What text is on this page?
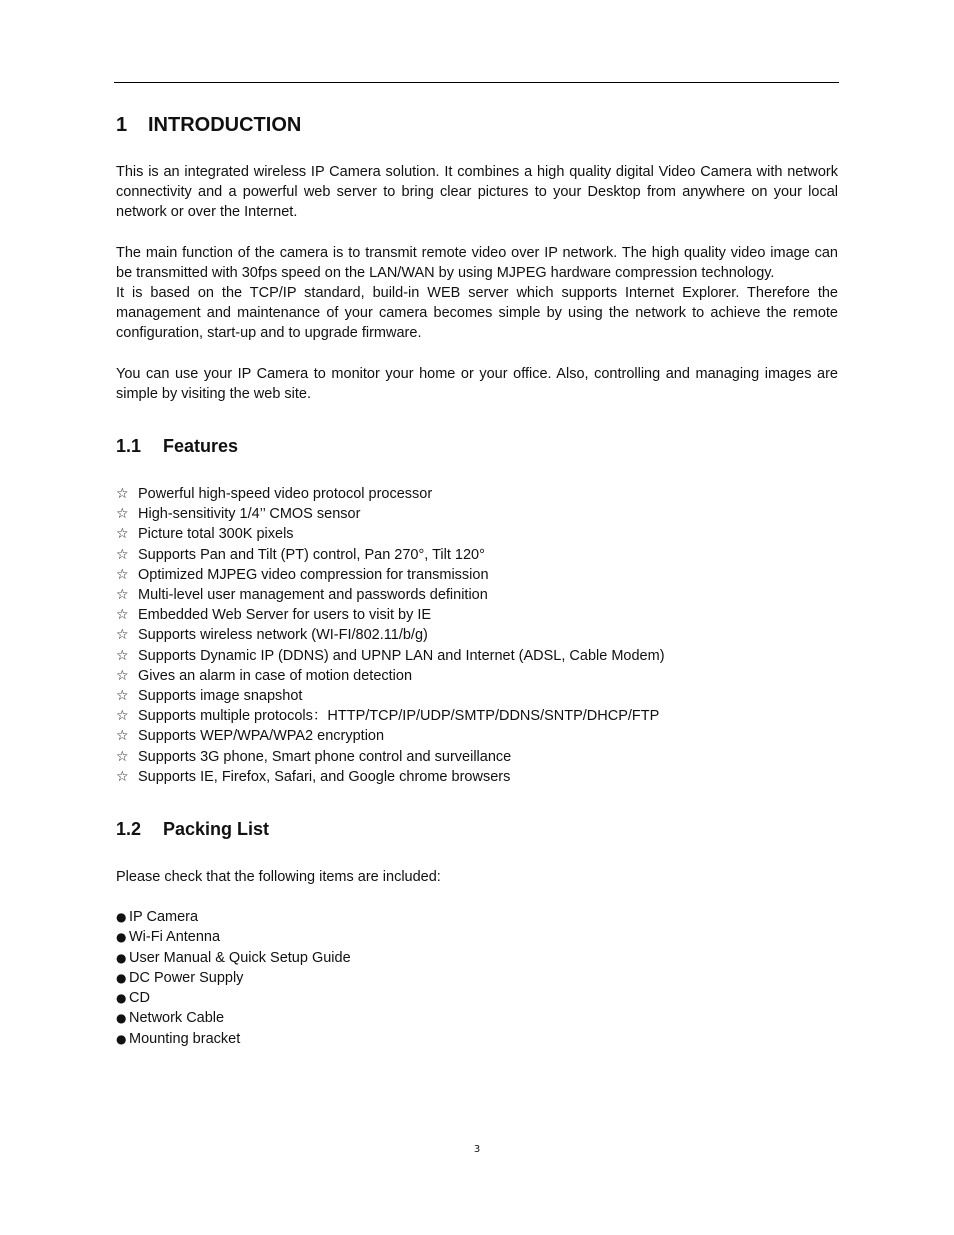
1 INTRODUCTION

This is an integrated wireless IP Camera solution. It combines a high quality digital Video Camera with network connectivity and a powerful web server to bring clear pictures to your Desktop from anywhere on your local network or over the Internet.

The main function of the camera is to transmit remote video over IP network. The high quality video image can be transmitted with 30fps speed on the LAN/WAN by using MJPEG hardware compression technology.

It is based on the TCP/IP standard, build-in WEB server which supports Internet Explorer. Therefore the management and maintenance of your camera becomes simple by using the network to achieve the remote configuration, start-up and to upgrade firmware.

You can use your IP Camera to monitor your home or your office. Also, controlling and managing images are simple by visiting the web site.

1.1 Features
☆ Powerful high-speed video protocol processor
☆ High-sensitivity 1/4’’ CMOS sensor
☆ Picture total 300K pixels
☆ Supports Pan and Tilt (PT) control, Pan 270°, Tilt 120°
☆ Optimized MJPEG video compression for transmission
☆ Multi-level user management and passwords definition
☆ Embedded Web Server for users to visit by IE
☆ Supports wireless network (WI-FI/802.11/b/g)
☆ Supports Dynamic IP (DDNS) and UPNP LAN and Internet (ADSL, Cable Modem)
☆ Gives an alarm in case of motion detection
☆ Supports image snapshot
☆ Supports multiple protocols：HTTP/TCP/IP/UDP/SMTP/DDNS/SNTP/DHCP/FTP
☆ Supports WEP/WPA/WPA2 encryption
☆ Supports 3G phone, Smart phone control and surveillance
☆ Supports IE, Firefox, Safari, and Google chrome browsers
1.2 Packing List

Please check that the following items are included:

● IP Camera
● Wi-Fi Antenna
● User Manual & Quick Setup Guide
● DC Power Supply
● CD
● Network Cable
● Mounting bracket
3
